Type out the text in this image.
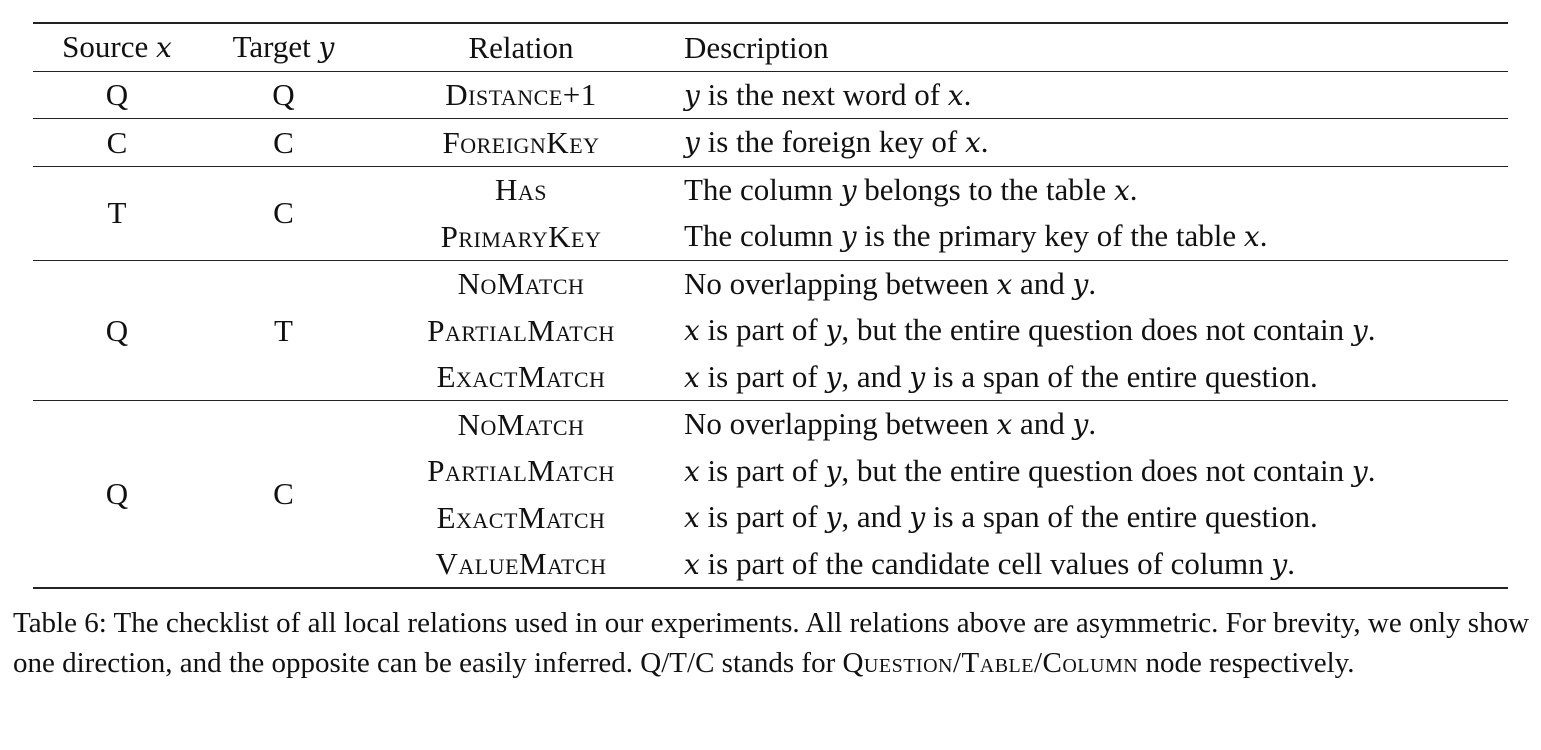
Source x	Target y	Relation	Description
Q	Q	Distance+1	y is the next word of x.
C	C	ForeignKey	y is the foreign key of x.
T	C	Has	The column y belongs to the table x.
		PrimaryKey	The column y is the primary key of the table x.
Q	T	NoMatch	No overlapping between x and y.
		PartialMatch	x is part of y, but the entire question does not contain y.
		ExactMatch	x is part of y, and y is a span of the entire question.
Q	C	NoMatch	No overlapping between x and y.
		PartialMatch	x is part of y, but the entire question does not contain y.
		ExactMatch	x is part of y, and y is a span of the entire question.
		ValueMatch	x is part of the candidate cell values of column y.

Table 6: The checklist of all local relations used in our experiments. All relations above are asymmetric. For brevity, we only show one direction, and the opposite can be easily inferred. Q/T/C stands for Question/Table/Column node respectively.
